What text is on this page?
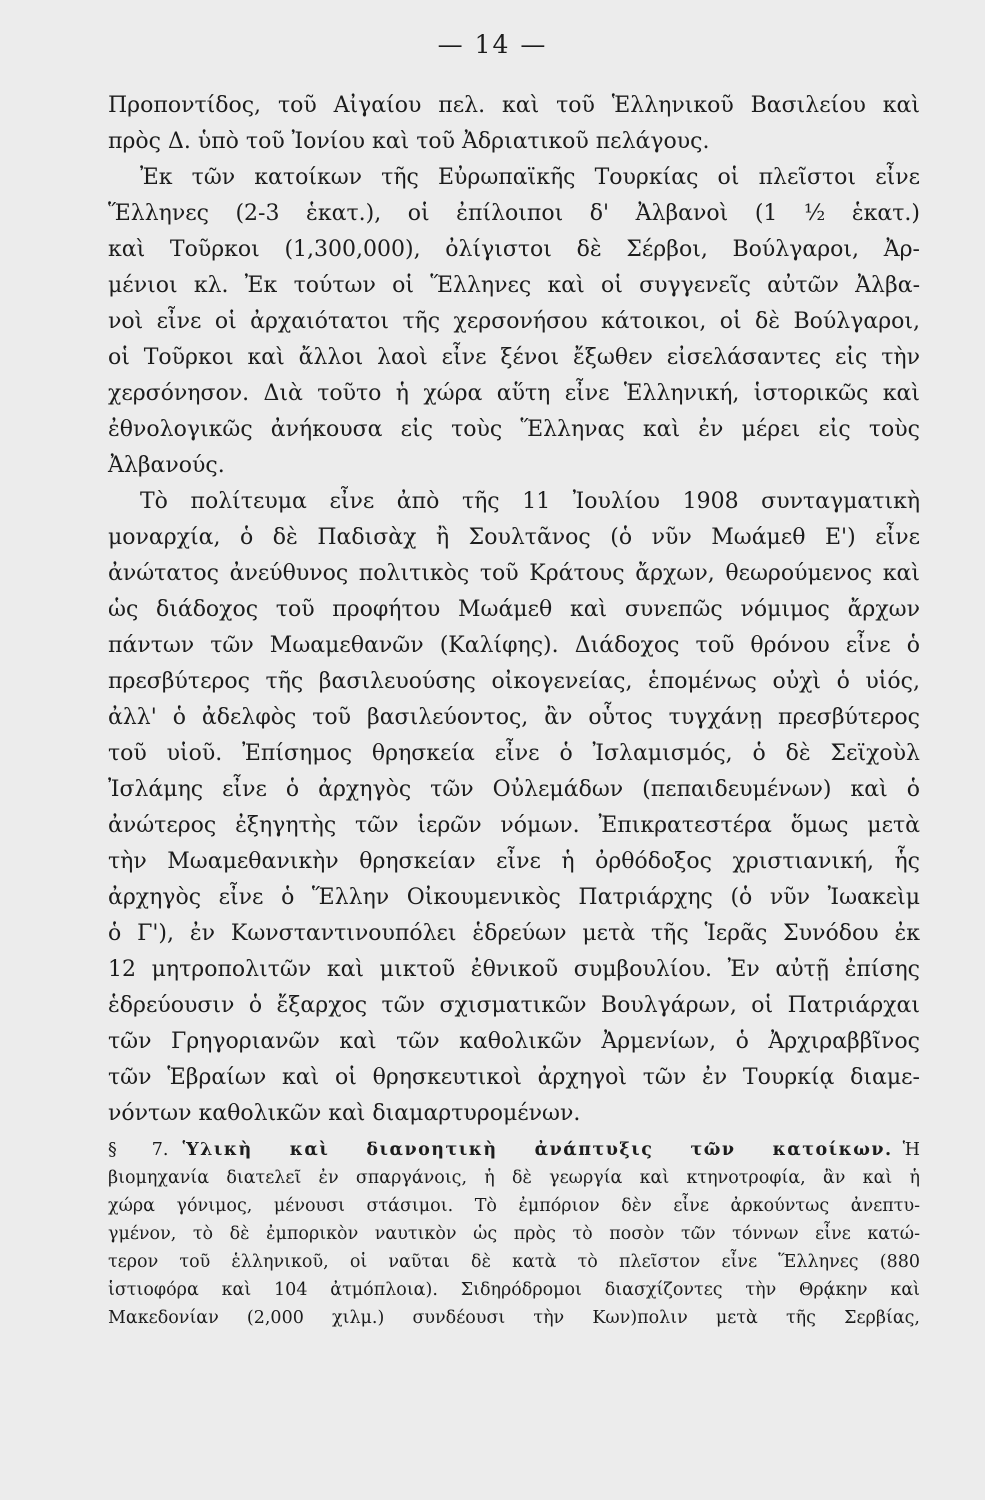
— 14 —
Προποντίδος, τοῦ Αἰγαίου πελ. καὶ τοῦ Ἑλληνικοῦ Βασιλείου καὶ
πρὸς Δ. ὑπὸ τοῦ Ἰονίου καὶ τοῦ Ἀδριατικοῦ πελάγους.
Ἐκ τῶν κατοίκων τῆς Εὐρωπαϊκῆς Τουρκίας οἱ πλεῖστοι εἶνε
Ἕλληνες (2-3 ἑκατ.), οἱ ἐπίλοιποι δ' Ἀλβανοὶ (1 ½ ἑκατ.)
καὶ Τοῦρκοι (1,300,000), ὀλίγιστοι δὲ Σέρβοι, Βούλγαροι, Ἀρ-
μένιοι κλ. Ἐκ τούτων οἱ Ἕλληνες καὶ οἱ συγγενεῖς αὐτῶν Ἀλβα-
νοὶ εἶνε οἱ ἀρχαιότατοι τῆς χερσονήσου κάτοικοι, οἱ δὲ Βούλγαροι,
οἱ Τοῦρκοι καὶ ἄλλοι λαοὶ εἶνε ξένοι ἔξωθεν εἰσελάσαντες εἰς τὴν
χερσόνησον. Διὰ τοῦτο ἡ χώρα αὕτη εἶνε Ἑλληνική, ἱστορικῶς καὶ
ἐθνολογικῶς ἀνήκουσα εἰς τοὺς Ἕλληνας καὶ ἐν μέρει εἰς τοὺς
Ἀλβανούς.
Τὸ πολίτευμα εἶνε ἀπὸ τῆς 11 Ἰουλίου 1908 συνταγματικὴ
μοναρχία, ὁ δὲ Παδισὰχ ἢ Σουλτᾶνος (ὁ νῦν Μωάμεθ Ε') εἶνε
ἀνώτατος ἀνεύθυνος πολιτικὸς τοῦ Κράτους ἄρχων, θεωρούμενος καὶ
ὡς διάδοχος τοῦ προφήτου Μωάμεθ καὶ συνεπῶς νόμιμος ἄρχων
πάντων τῶν Μωαμεθανῶν (Καλίφης). Διάδοχος τοῦ θρόνου εἶνε ὁ
πρεσβύτερος τῆς βασιλευούσης οἰκογενείας, ἑπομένως οὐχὶ ὁ υἱός,
ἀλλ' ὁ ἀδελφὸς τοῦ βασιλεύοντος, ἂν οὗτος τυγχάνῃ πρεσβύτερος
τοῦ υἱοῦ. Ἐπίσημος θρησκεία εἶνε ὁ Ἰσλαμισμός, ὁ δὲ Σεϊχοὺλ
Ἰσλάμης εἶνε ὁ ἀρχηγὸς τῶν Οὐλεμάδων (πεπαιδευμένων) καὶ ὁ
ἀνώτερος ἐξηγητὴς τῶν ἱερῶν νόμων. Ἐπικρατεστέρα ὅμως μετὰ
τὴν Μωαμεθανικὴν θρησκείαν εἶνε ἡ ὀρθόδοξος χριστιανική, ἧς
ἀρχηγὸς εἶνε ὁ Ἕλλην Οἰκουμενικὸς Πατριάρχης (ὁ νῦν Ἰωακεὶμ
ὁ Γ'), ἐν Κωνσταντινουπόλει ἑδρεύων μετὰ τῆς Ἱερᾶς Συνόδου ἐκ
12 μητροπολιτῶν καὶ μικτοῦ ἐθνικοῦ συμβουλίου. Ἐν αὐτῇ ἐπίσης
ἑδρεύουσιν ὁ ἔξαρχος τῶν σχισματικῶν Βουλγάρων, οἱ Πατριάρχαι
τῶν Γρηγοριανῶν καὶ τῶν καθολικῶν Ἀρμενίων, ὁ Ἀρχιραββῖνος
τῶν Ἑβραίων καὶ οἱ θρησκευτικοὶ ἀρχηγοὶ τῶν ἐν Τουρκίᾳ διαμε-
νόντων καθολικῶν καὶ διαμαρτυρομένων.
§ 7. Ὑλικὴ καὶ διανοητικὴ ἀνάπτυξις τῶν κατοίκων. Ἡ
βιομηχανία διατελεῖ ἐν σπαργάνοις, ἡ δὲ γεωργία καὶ κτηνοτροφία, ἂν καὶ ἡ
χώρα γόνιμος, μένουσι στάσιμοι. Τὸ ἐμπόριον δὲν εἶνε ἀρκούντως ἀνεπτυ-
γμένον, τὸ δὲ ἐμπορικὸν ναυτικὸν ὡς πρὸς τὸ ποσὸν τῶν τόννων εἶνε κατώ-
τερον τοῦ ἑλληνικοῦ, οἱ ναῦται δὲ κατὰ τὸ πλεῖστον εἶνε Ἕλληνες (880
ἱστιοφόρα καὶ 104 ἀτμόπλοια). Σιδηρόδρομοι διασχίζοντες τὴν Θρᾴκην καὶ
Μακεδονίαν (2,000 χιλμ.) συνδέουσι τὴν Κων)πολιν μετὰ τῆς Σερβίας,
